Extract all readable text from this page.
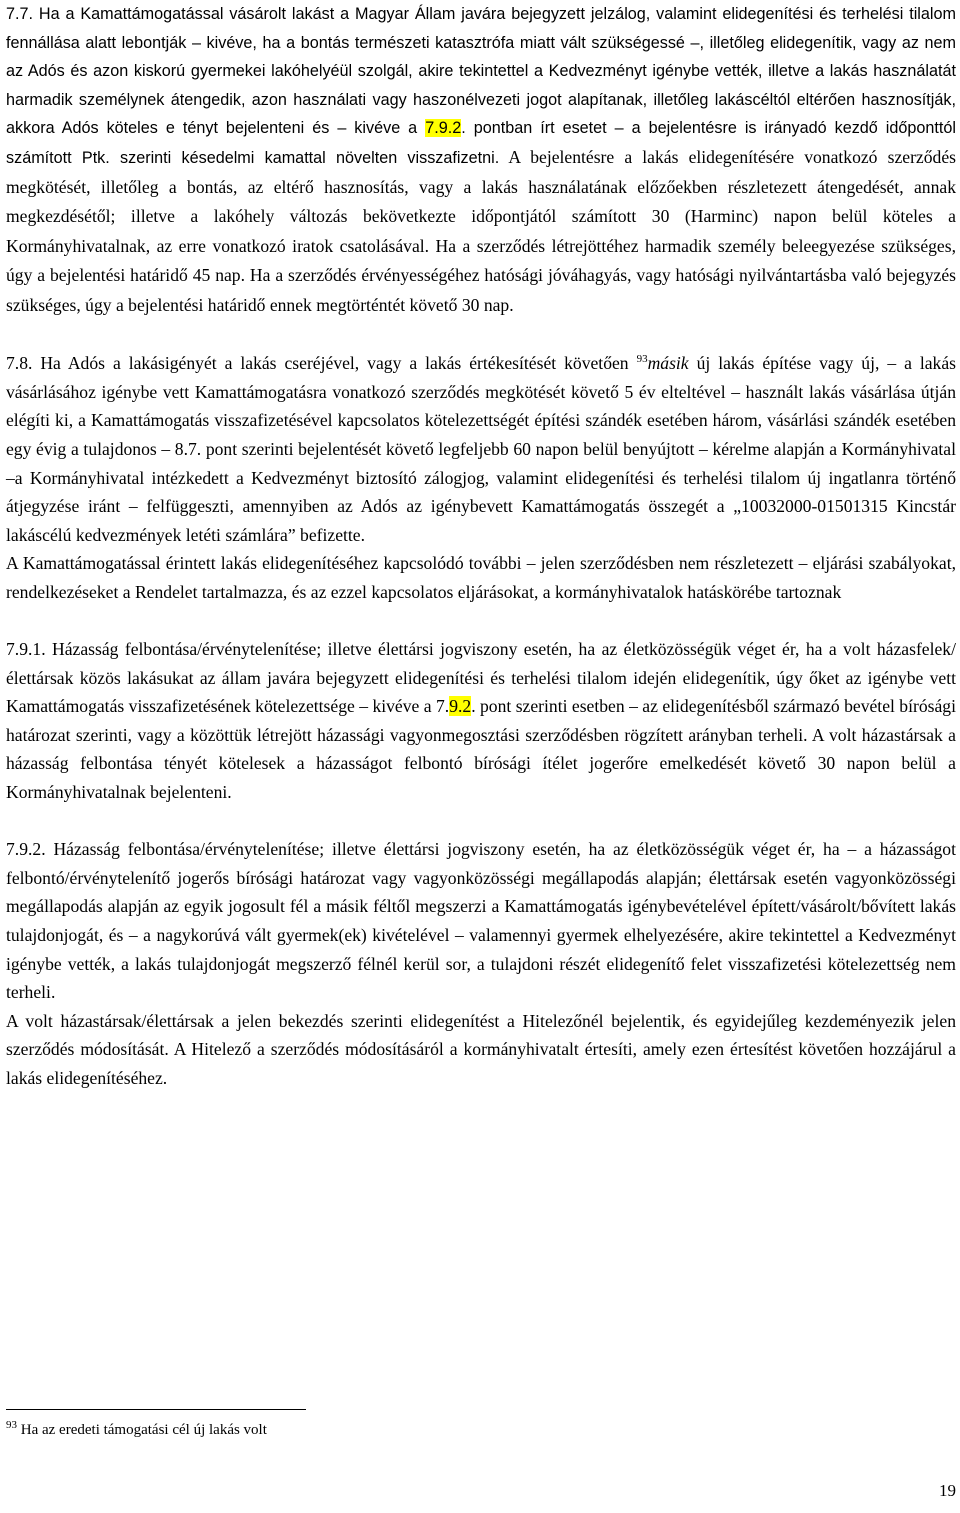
7.7. Ha a Kamattámogatással vásárolt lakást a Magyar Állam javára bejegyzett jelzálog, valamint elidegenítési és terhelési tilalom fennállása alatt lebontják – kivéve, ha a bontás természeti katasztrófa miatt vált szükségessé –, illetőleg elidegenítik, vagy az nem az Adós és azon kiskorú gyermekei lakóhelyéül szolgál, akire tekintettel a Kedvezményt igénybe vették, illetve a lakás használatát harmadik személynek átengedik, azon használati vagy haszonélvezeti jogot alapítanak, illetőleg lakáscéltól eltérően hasznosítják, akkora Adós köteles e tényt bejelenteni és – kivéve a 7.9.2. pontban írt esetet – a bejelentésre is irányadó kezdő időponttól számított Ptk. szerinti késedelmi kamattal növelten visszafizetni. A bejelentésre a lakás elidegenítésére vonatkozó szerződés megkötését, illetőleg a bontás, az eltérő hasznosítás, vagy a lakás használatának előzőekben részletezett átengedését, annak megkezdésétől; illetve a lakóhely változás bekövetkezte időpontjától számított 30 (Harminc) napon belül köteles a Kormányhivatalnak, az erre vonatkozó iratok csatolásával. Ha a szerződés létrejöttéhez harmadik személy beleegyezése szükséges, úgy a bejelentési határidő 45 nap. Ha a szerződés érvényességéhez hatósági jóváhagyás, vagy hatósági nyilvántartásba való bejegyzés szükséges, úgy a bejelentési határidő ennek megtörténtét követő 30 nap.

7.8. Ha Adós a lakásigényét a lakás cseréjével, vagy a lakás értékesítését követően $^{93}$másik új lakás építése vagy új, – a lakás vásárlásához igénybe vett Kamattámogatásra vonatkozó szerződés megkötését követő 5 év elteltével – használt lakás vásárlása útján elégíti ki, a Kamattámogatás visszafizetésével kapcsolatos kötelezettségét építési szándék esetében három, vásárlási szándék esetében egy évig a tulajdonos – 8.7. pont szerinti bejelentését követő legfeljebb 60 napon belül benyújtott – kérelme alapján a Kormányhivatal –a Kormányhivatal intézkedett a Kedvezményt biztosító zálogjog, valamint elidegenítési és terhelési tilalom új ingatlanra történő átjegyzése iránt – felfüggeszti, amennyiben az Adós az igénybevett Kamattámogatás összegét a „10032000-01501315 Kincstár lakáscélú kedvezmények letéti számlára” befizette.

A Kamattámogatással érintett lakás elidegenítéséhez kapcsolódó további – jelen szerződésben nem részletezett – eljárási szabályokat, rendelkezéseket a Rendelet tartalmazza, és az ezzel kapcsolatos eljárásokat, a kormányhivatalok hatáskörébe tartoznak

7.9.1. Házasság felbontása/érvénytelenítése; illetve élettársi jogviszony esetén, ha az életközösségük véget ér, ha a volt házasfelek/élettársak közös lakásukat az állam javára bejegyzett elidegenítési és terhelési tilalom idején elidegenítik, úgy őket az igénybe vett Kamattámogatás visszafizetésének kötelezettsége – kivéve a 7.9.2. pont szerinti esetben – az elidegenítésből származó bevétel bírósági határozat szerinti, vagy a közöttük létrejött házassági vagyonmegosztási szerződésben rögzített arányban terheli. A volt házastársak a házasság felbontása tényét kötelesek a házasságot felbontó bírósági ítélet jogerőre emelkedését követő 30 napon belül a Kormányhivatalnak bejelenteni.

7.9.2. Házasság felbontása/érvénytelenítése; illetve élettársi jogviszony esetén, ha az életközösségük véget ér, ha – a házasságot felbontó/érvénytelenítő jogerős bírósági határozat vagy vagyonközösségi megállapodás alapján; élettársak esetén vagyonközösségi megállapodás alapján az egyik jogosult fél a másik féltől megszerzi a Kamattámogatás igénybevételével épített/vásárolt/bővített lakás tulajdonjogát, és – a nagykorúvá vált gyermek(ek) kivételével – valamennyi gyermek elhelyezésére, akire tekintettel a Kedvezményt igénybe vették, a lakás tulajdonjogát megszerző félnél kerül sor, a tulajdoni részét elidegenítő felet visszafizetési kötelezettség nem terheli.

A volt házastársak/élettársak a jelen bekezdés szerinti elidegenítést a Hitelezőnél bejelentik, és egyidejűleg kezdeményezik jelen szerződés módosítását. A Hitelező a szerződés módosításáról a kormányhivatalt értesíti, amely ezen értesítést követően hozzájárul a lakás elidegenítéséhez.

$^{93}$ Ha az eredeti támogatási cél új lakás volt
19
